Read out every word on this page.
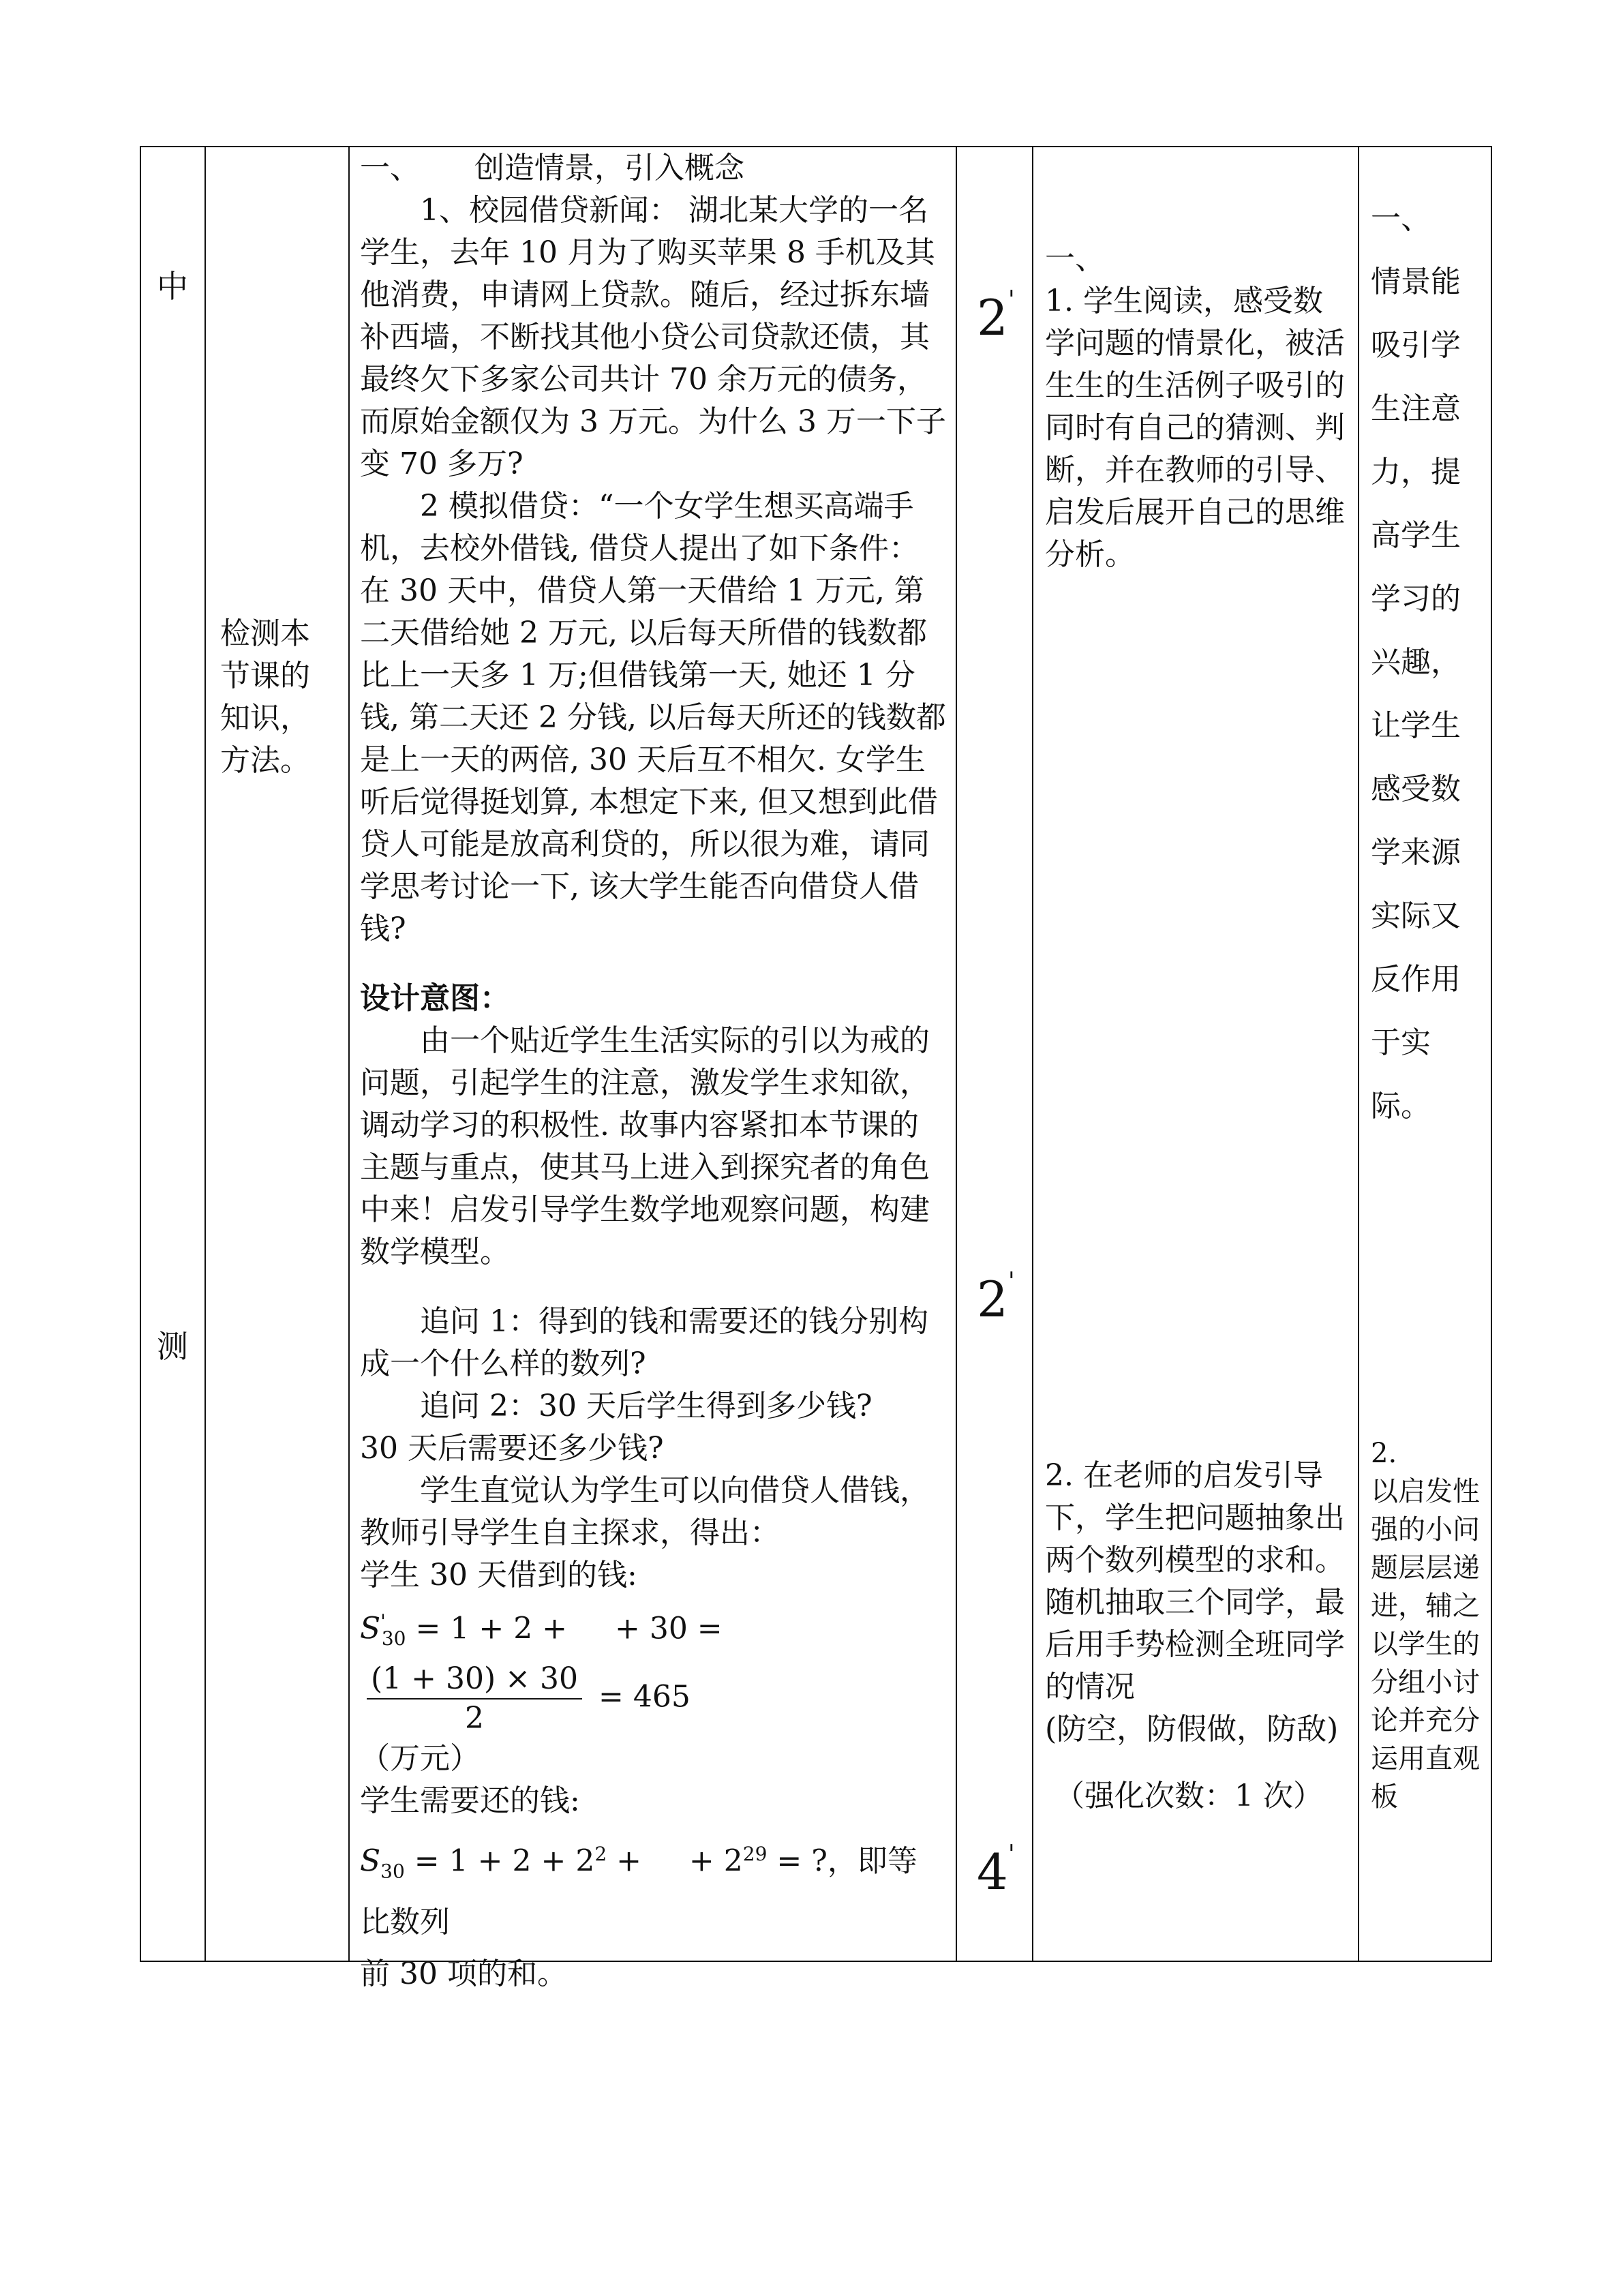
中
测
检测本节课的知识，方法。

一、 创造情景，引入概念

1、校园借贷新闻： 湖北某大学的一名学生，去年 10 月为了购买苹果 8 手机及其他消费，申请网上贷款。随后，经过拆东墙补西墙，不断找其他小贷公司贷款还债，其最终欠下多家公司共计 70 余万元的债务，而原始金额仅为 3 万元。为什么 3 万一下子变 70 多万?

2 模拟借贷：“一个女学生想买高端手机，去校外借钱, 借贷人提出了如下条件：在 30 天中，借贷人第一天借给 1 万元, 第二天借给她 2 万元, 以后每天所借的钱数都比上一天多 1 万;但借钱第一天, 她还 1 分钱, 第二天还 2 分钱, 以后每天所还的钱数都是上一天的两倍, 30 天后互不相欠. 女学生听后觉得挺划算, 本想定下来, 但又想到此借贷人可能是放高利贷的，所以很为难，请同学思考讨论一下, 该大学生能否向借贷人借钱?

设计意图：

由一个贴近学生生活实际的引以为戒的问题，引起学生的注意，激发学生求知欲，调动学习的积极性. 故事内容紧扣本节课的主题与重点，使其马上进入到探究者的角色中来！启发引导学生数学地观察问题，构建数学模型。

追问 1：得到的钱和需要还的钱分别构成一个什么样的数列?

追问 2：30 天后学生得到多少钱?

30 天后需要还多少钱?

学生直觉认为学生可以向借贷人借钱，教师引导学生自主探求，得出：

学生 30 天借到的钱:

$S'_{30} = 1 + 2$ +     + 30 =
$\frac{(1 + 30) \times 30}{2} = 465$

（万元）

学生需要还的钱:

$S_{30} = 1 + 2 + 2^2$ +     + $2^{29}$ = ?，即等比数列

前 30 项的和。

2'
2'
4'

一、

1. 学生阅读，感受数学问题的情景化，被活生生的生活例子吸引的同时有自己的猜测、判断，并在教师的引导、启发后展开自己的思维分析。

2. 在老师的启发引导下，学生把问题抽象出两个数列模型的求和。

随机抽取三个同学，最后用手势检测全班同学的情况

(防空，防假做，防敌)

（强化次数：1 次）

一、

情景能吸引学生注意力，提高学生学习的兴趣，让学生感受数学来源实际又反作用于实际。

2.

以启发性强的小问题层层递进，辅之以学生的分组小讨论并充分运用直观板
